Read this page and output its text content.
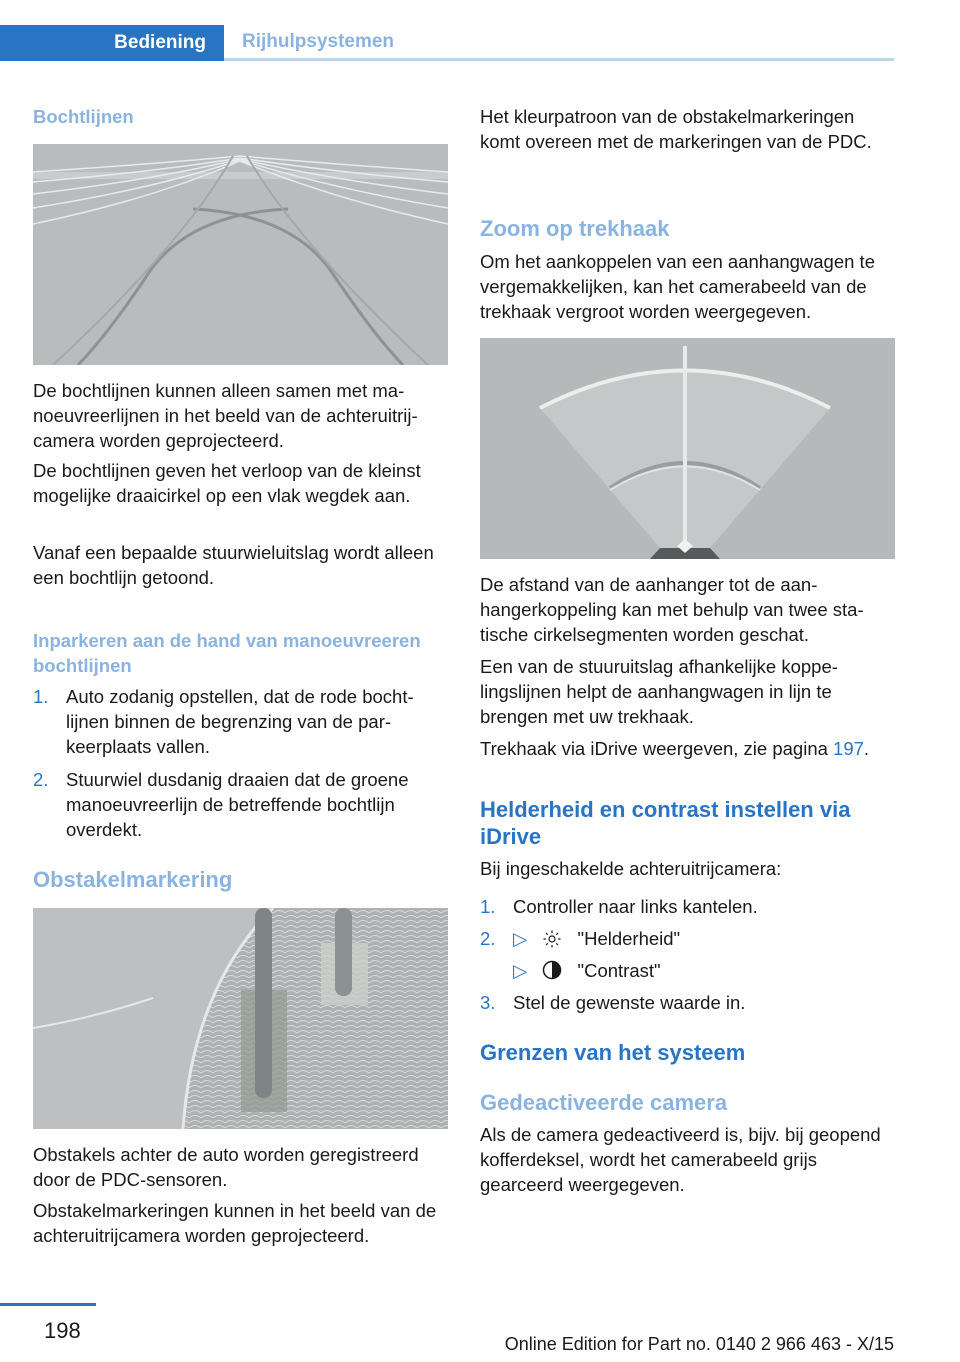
Bediening	Rijhulpsystemen
Bochtlijnen

De bochtlijnen kunnen alleen samen met manoeuvreerlijnen in het beeld van de achteruitrijcamera worden geprojecteerd.

De bochtlijnen geven het verloop van de kleinst mogelijke draaicirkel op een vlak wegdek aan.

Vanaf een bepaalde stuurwieluitslag wordt alleen een bochtlijn getoond.

Inparkeren aan de hand van manoeuvreeren bochtlijnen
1. Auto zodanig opstellen, dat de rode bochtlijnen binnen de begrenzing van de parkeerplaats vallen.
2. Stuurwiel dusdanig draaien dat de groene manoeuvreerlijn de betreffende bochtlijn overdekt.
Obstakelmarkering

Obstakels achter de auto worden geregistreerd door de PDC-sensoren.

Obstakelmarkeringen kunnen in het beeld van de achteruitrijcamera worden geprojecteerd.

Het kleurpatroon van de obstakelmarkeringen komt overeen met de markeringen van de PDC.

Zoom op trekhaak

Om het aankoppelen van een aanhangwagen te vergemakkelijken, kan het camerabeeld van de trekhaak vergroot worden weergegeven.

De afstand van de aanhanger tot de aanhangerkoppeling kan met behulp van twee statische cirkelsegmenten worden geschat.

Een van de stuuruitslag afhankelijke koppelingslijnen helpt de aanhangwagen in lijn te brengen met uw trekhaak.

Trekhaak via iDrive weergeven, zie pagina 197.

Helderheid en contrast instellen via iDrive

Bij ingeschakelde achteruitrijcamera:

1. Controller naar links kantelen.
2. ▷	"Helderheid"
▷	"Contrast"
3. Stel de gewenste waarde in.
Grenzen van het systeem
Gedeactiveerde camera

Als de camera gedeactiveerd is, bijv. bij geopend kofferdeksel, wordt het camerabeeld grijs gearceerd weergegeven.

198
Online Edition for Part no. 0140 2 966 463 - X/15
